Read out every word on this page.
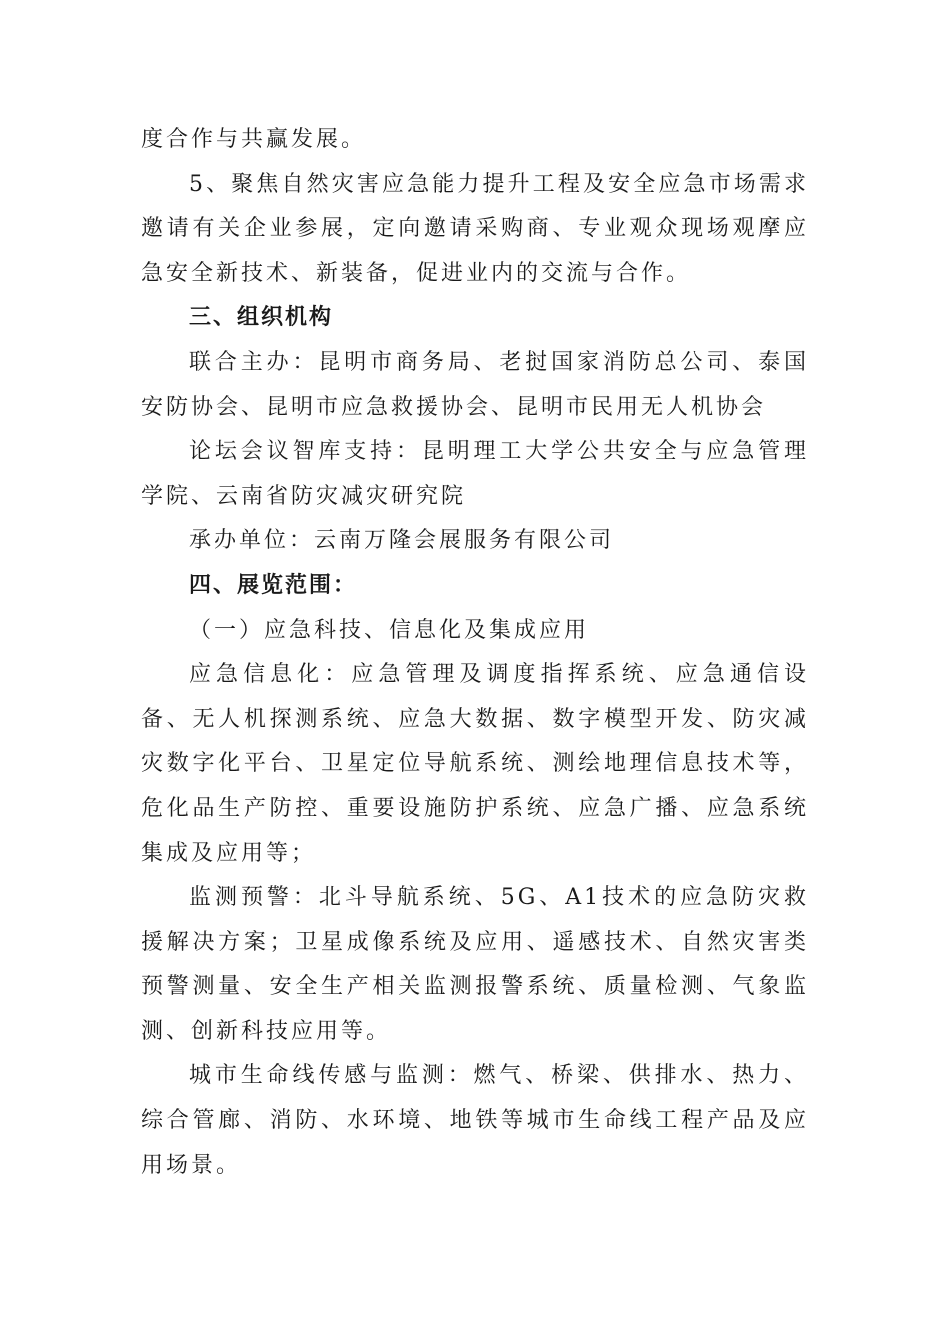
度合作与共赢发展。

5、聚焦自然灾害应急能力提升工程及安全应急市场需求邀请有关企业参展，定向邀请采购商、专业观众现场观摩应急安全新技术、新装备，促进业内的交流与合作。

三、组织机构

联合主办：昆明市商务局、老挝国家消防总公司、泰国安防协会、昆明市应急救援协会、昆明市民用无人机协会

论坛会议智库支持：昆明理工大学公共安全与应急管理学院、云南省防灾减灾研究院

承办单位：云南万隆会展服务有限公司

四、展览范围：

（一）应急科技、信息化及集成应用

应急信息化：应急管理及调度指挥系统、应急通信设备、无人机探测系统、应急大数据、数字模型开发、防灾减灾数字化平台、卫星定位导航系统、测绘地理信息技术等，危化品生产防控、重要设施防护系统、应急广播、应急系统集成及应用等；

监测预警：北斗导航系统、5G、A1技术的应急防灾救援解决方案；卫星成像系统及应用、遥感技术、自然灾害类预警测量、安全生产相关监测报警系统、质量检测、气象监测、创新科技应用等。

城市生命线传感与监测：燃气、桥梁、供排水、热力、综合管廊、消防、水环境、地铁等城市生命线工程产品及应用场景。
